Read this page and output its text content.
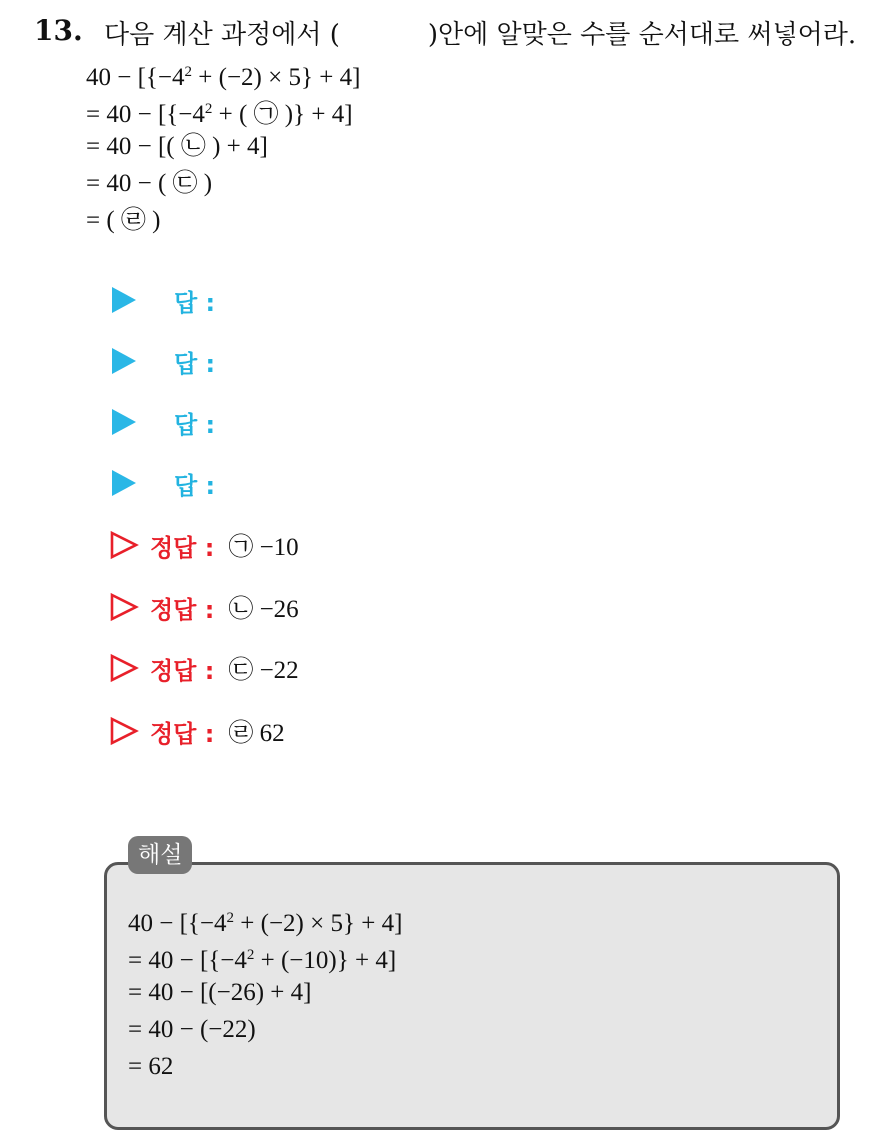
13. 다음 계산 과정에서 (	)안에 알맞은 수를 순서대로 써넣어라.
$40 - [\{-4^2 + (-2) \times 5\} + 4]$
= $40 - [\{-4^2$ + ( ㉠ )} + 4]
= 40 − [( ㉡ ) + 4]
= 40 − ( ㉢ )
= ( ㉣ )
답 :
답 :
답 :
답 :
정답 : ㉠ −10
정답 : ㉡ −26
정답 : ㉢ −22
정답 : ㉣ 62
해설
$40 - [\{-4^2 + (-2) \times 5\} + 4]$
= $40 - [\{-4^2 + (-10)\} + 4]$
= 40 − [(−26) + 4]
= 40 − (−22)
= 62
